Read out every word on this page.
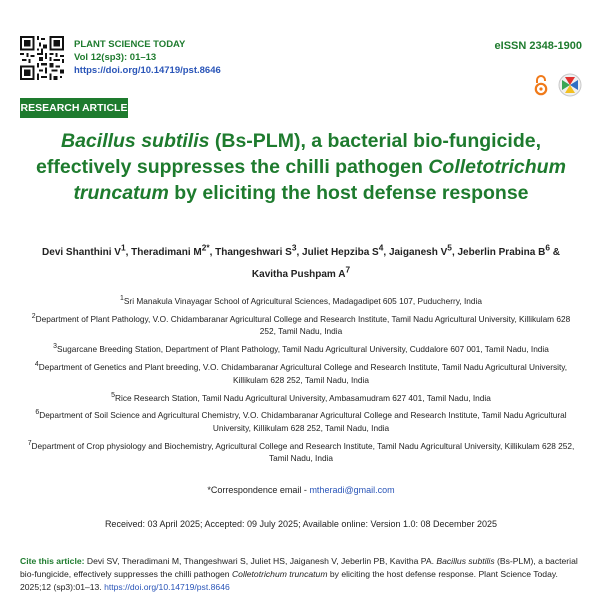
PLANT SCIENCE TODAY
Vol 12(sp3): 01–13
https://doi.org/10.14719/pst.8646
eISSN 2348-1900
RESEARCH ARTICLE
Bacillus subtilis (Bs-PLM), a bacterial bio-fungicide, effectively suppresses the chilli pathogen Colletotrichum truncatum by eliciting the host defense response
Devi Shanthini $V^1$, Theradimani $M^{2*}$, Thangeshwari $S^3$, Juliet Hepziba $S^4$, Jaiganesh $V^5$, Jeberlin Prabina $B^6$ &
Kavitha Pushpam $A^7$

$^1$Sri Manakula Vinayagar School of Agricultural Sciences, Madagadipet 605 107, Puducherry, India

$^2$Department of Plant Pathology, V.O. Chidambaranar Agricultural College and Research Institute, Tamil Nadu Agricultural University, Killikulam 628 252, Tamil Nadu, India

$^3$Sugarcane Breeding Station, Department of Plant Pathology, Tamil Nadu Agricultural University, Cuddalore 607 001, Tamil Nadu, India

$^4$Department of Genetics and Plant breeding, V.O. Chidambaranar Agricultural College and Research Institute, Tamil Nadu Agricultural University, Killikulam 628 252, Tamil Nadu, India

$^5$Rice Research Station, Tamil Nadu Agricultural University, Ambasamudram 627 401, Tamil Nadu, India

$^6$Department of Soil Science and Agricultural Chemistry, V.O. Chidambaranar Agricultural College and Research Institute, Tamil Nadu Agricultural University, Killikulam 628 252, Tamil Nadu, India

$^7$Department of Crop physiology and Biochemistry, Agricultural College and Research Institute, Tamil Nadu Agricultural University, Killikulam 628 252, Tamil Nadu, India

*Correspondence email - mtheradi@gmail.com
Received: 03 April 2025; Accepted: 09 July 2025; Available online: Version 1.0: 08 December 2025
Cite this article: Devi SV, Theradimani M, Thangeshwari S, Juliet HS, Jaiganesh V, Jeberlin PB, Kavitha PA. Bacillus subtilis (Bs-PLM), a bacterial bio-fungicide, effectively suppresses the chilli pathogen Colletotrichum truncatum by eliciting the host defense response. Plant Science Today. 2025;12 (sp3):01–13. https://doi.org/10.14719/pst.8646
